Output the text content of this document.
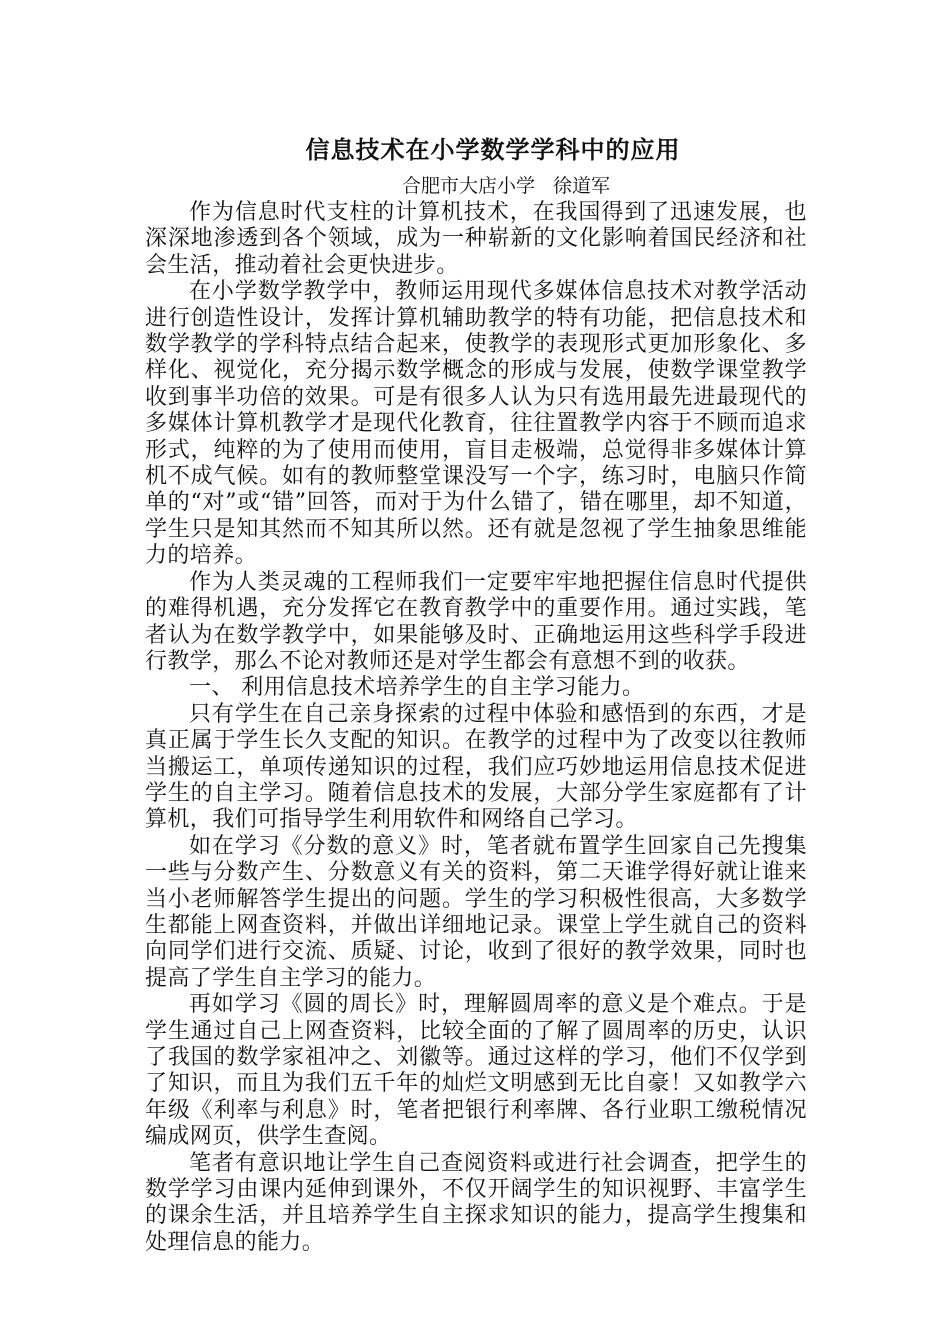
信息技术在小学数学学科中的应用

合肥市大店小学   徐道军

作为信息时代支柱的计算机技术，在我国得到了迅速发展，也深深地渗透到各个领域，成为一种崭新的文化影响着国民经济和社会生活，推动着社会更快进步。

在小学数学教学中，教师运用现代多媒体信息技术对教学活动进行创造性设计，发挥计算机辅助教学的特有功能，把信息技术和数学教学的学科特点结合起来，使教学的表现形式更加形象化、多样化、视觉化，充分揭示数学概念的形成与发展，使数学课堂教学收到事半功倍的效果。可是有很多人认为只有选用最先进最现代的多媒体计算机教学才是现代化教育，往往置教学内容于不顾而追求形式，纯粹的为了使用而使用，盲目走极端，总觉得非多媒体计算机不成气候。如有的教师整堂课没写一个字，练习时，电脑只作简单的“对”或“错”回答，而对于为什么错了，错在哪里，却不知道，学生只是知其然而不知其所以然。还有就是忽视了学生抽象思维能力的培养。

作为人类灵魂的工程师我们一定要牢牢地把握住信息时代提供的难得机遇，充分发挥它在教育教学中的重要作用。通过实践，笔者认为在数学教学中，如果能够及时、正确地运用这些科学手段进行教学，那么不论对教师还是对学生都会有意想不到的收获。

一、 利用信息技术培养学生的自主学习能力。

只有学生在自己亲身探索的过程中体验和感悟到的东西，才是真正属于学生长久支配的知识。在教学的过程中为了改变以往教师当搬运工，单项传递知识的过程，我们应巧妙地运用信息技术促进学生的自主学习。随着信息技术的发展，大部分学生家庭都有了计算机，我们可指导学生利用软件和网络自己学习。

如在学习《分数的意义》时，笔者就布置学生回家自己先搜集一些与分数产生、分数意义有关的资料，第二天谁学得好就让谁来当小老师解答学生提出的问题。学生的学习积极性很高，大多数学生都能上网查资料，并做出详细地记录。课堂上学生就自己的资料向同学们进行交流、质疑、讨论，收到了很好的教学效果，同时也提高了学生自主学习的能力。

再如学习《圆的周长》时，理解圆周率的意义是个难点。于是学生通过自己上网查资料，比较全面的了解了圆周率的历史，认识了我国的数学家祖冲之、刘徽等。通过这样的学习，他们不仅学到了知识，而且为我们五千年的灿烂文明感到无比自豪！又如教学六年级《利率与利息》时，笔者把银行利率牌、各行业职工缴税情况编成网页，供学生查阅。

笔者有意识地让学生自己查阅资料或进行社会调查，把学生的数学学习由课内延伸到课外，不仅开阔学生的知识视野、丰富学生的课余生活，并且培养学生自主探求知识的能力，提高学生搜集和处理信息的能力。
